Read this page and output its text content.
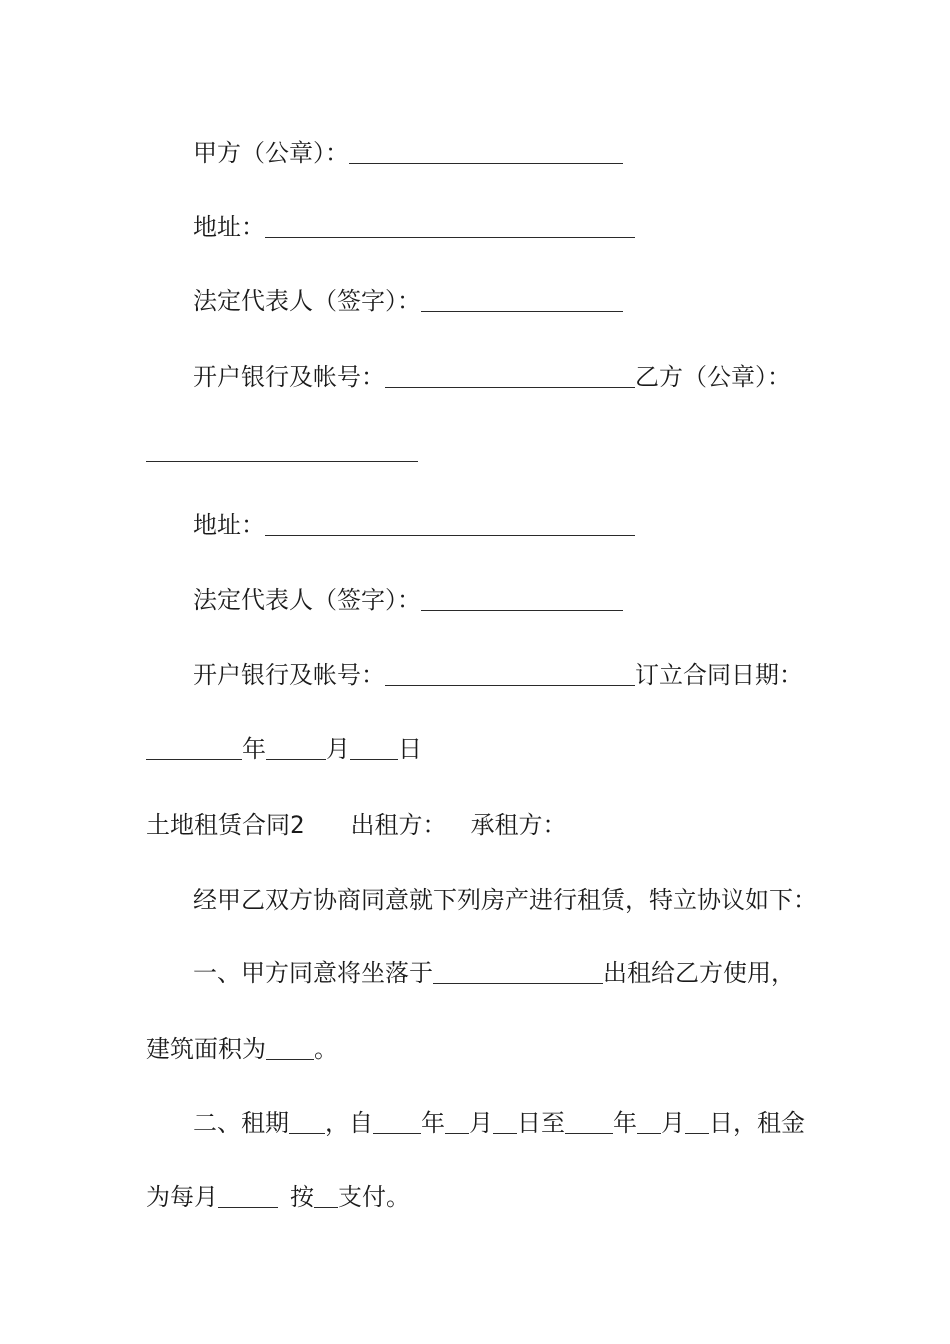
甲方（公章）：
地址：
法定代表人（签字）：
开户银行及帐号：	乙方（公章）：
地址：
法定代表人（签字）：
开户银行及帐号：	订立合同日期：
年	月 日
土地租赁合同2 出租方： 承租方：
经甲乙双方协商同意就下列房产进行租赁，特立协议如下：
一、甲方同意将坐落于	出租给乙方使用，
建筑面积为 。
二、租期 ，自 年 月 日至 年 月 日，租金
为每月	按 支付。
